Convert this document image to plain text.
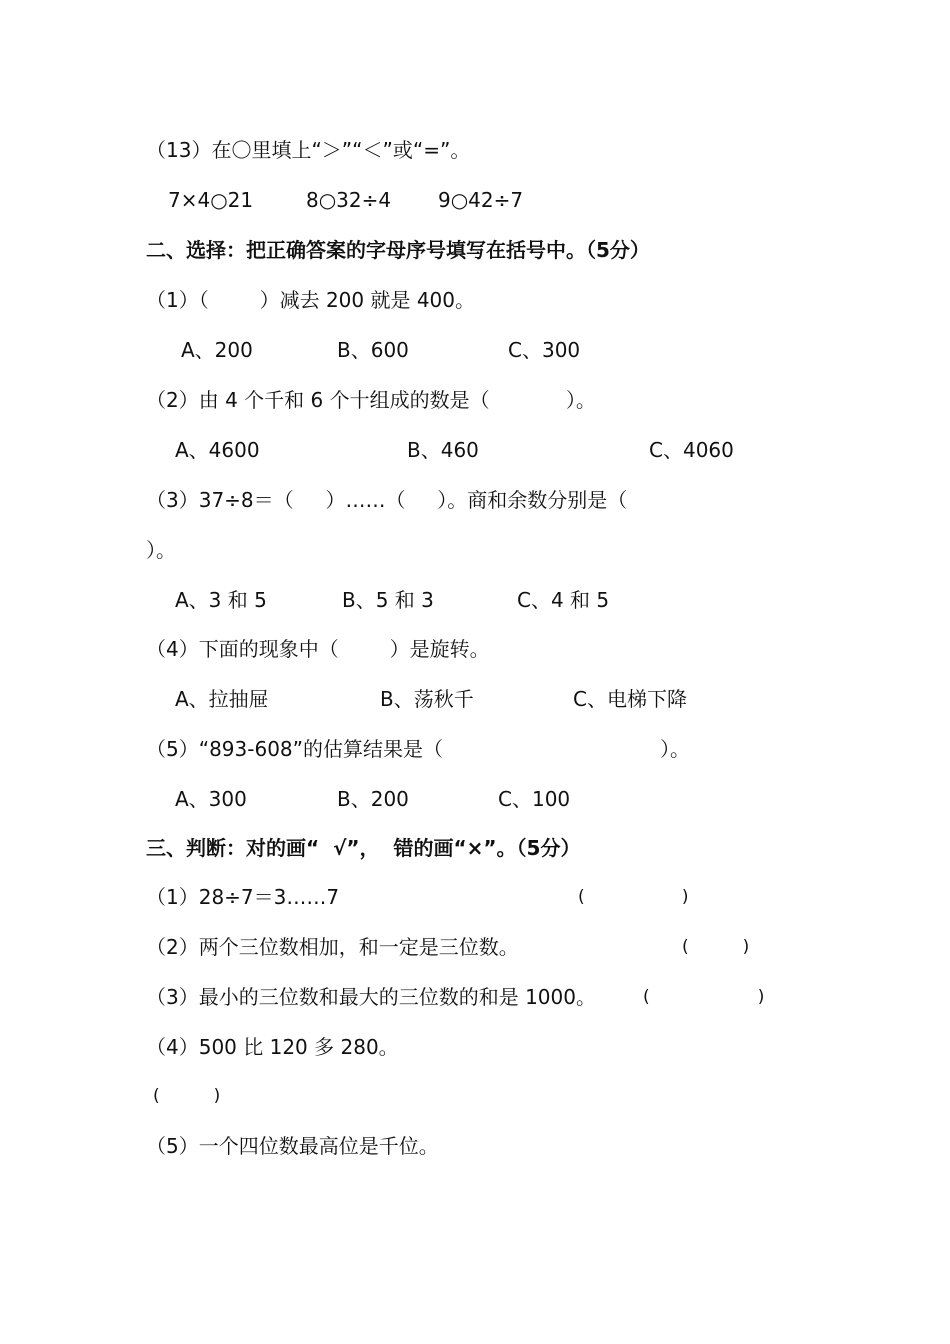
（13）在〇里填上“＞”“＜”或“=”。
7×4○21	8○32÷4 9○42÷7
二、选择：把正确答案的字母序号填写在括号中。（5分）
（1）（        ）减去 200 就是 400。
A、200	B、600	C、300
（2）由 4 个千和 6 个十组成的数是（            ）。
A、4600	B、460	C、4060
（3）37÷8＝（     ）……（     ）。商和余数分别是（
）。
A、3 和 5	B、5 和 3	C、4 和 5
（4）下面的现象中（        ）是旋转。
A、拉抽屉	B、荡秋千	C、电梯下降
（5）“893-608”的估算结果是（	）。
A、300	B、200	C、100
三、判断：对的画“  √”，  错的画“×”。（5分）
（1）28÷7＝3……7	(                  )
（2）两个三位数相加，和一定是三位数。	(          )
（3）最小的三位数和最大的三位数的和是 1000。	(                    )
（4）500 比 120 多 280。
(          )
（5）一个四位数最高位是千位。
